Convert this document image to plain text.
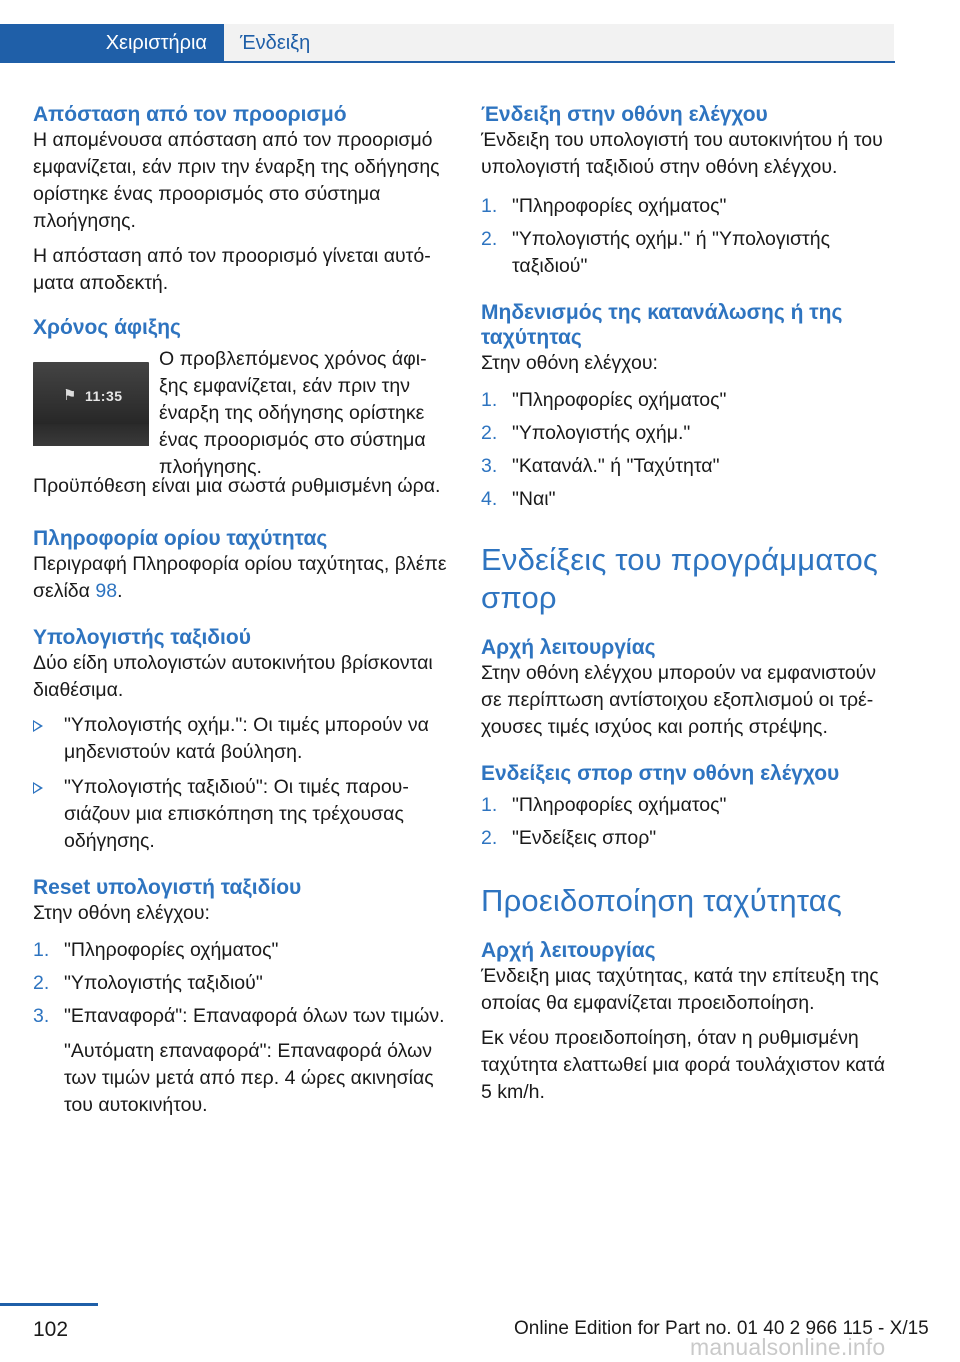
Χειριστήρια	Ένδειξη
Απόσταση από τον προορισμό

Η απομένουσα απόσταση από τον προορισμό εμφανίζεται, εάν πριν την έναρξη της οδήγησης ορίστηκε ένας προορισμός στο σύστημα πλοήγησης.

Η απόσταση από τον προορισμό γίνεται αυτόματα αποδεκτή.

Χρόνος άφιξης
⚑ 11:35

Ο προβλεπόμενος χρόνος άφιξης εμφανίζεται, εάν πριν την έναρξη της οδήγησης ορίστηκε ένας προορισμός στο σύστημα πλοήγησης.

Προϋπόθεση είναι μια σωστά ρυθμισμένη ώρα.

Πληροφορία ορίου ταχύτητας

Περιγραφή Πληροφορία ορίου ταχύτητας, βλέπε σελίδα 98.

Υπολογιστής ταξιδιού

Δύο είδη υπολογιστών αυτοκινήτου βρίσκονται διαθέσιμα.

"Υπολογιστής οχήμ.": Οι τιμές μπορούν να μηδενιστούν κατά βούληση.
"Υπολογιστής ταξιδιού": Οι τιμές παρουσιάζουν μια επισκόπηση της τρέχουσας οδήγησης.
Reset υπολογιστή ταξιδίου

Στην οθόνη ελέγχου:

1. "Πληροφορίες οχήματος"
2. "Υπολογιστής ταξιδιού"
3. "Επαναφορά": Επαναφορά όλων των τιμών.
"Αυτόματη επαναφορά": Επαναφορά όλων των τιμών μετά από περ. 4 ώρες ακινησίας του αυτοκινήτου.
Ένδειξη στην οθόνη ελέγχου

Ένδειξη του υπολογιστή του αυτοκινήτου ή του υπολογιστή ταξιδιού στην οθόνη ελέγχου.

1. "Πληροφορίες οχήματος"
2. "Υπολογιστής οχήμ." ή "Υπολογιστής ταξιδιού"
Μηδενισμός της κατανάλωσης ή της ταχύτητας

Στην οθόνη ελέγχου:

1. "Πληροφορίες οχήματος"
2. "Υπολογιστής οχήμ."
3. "Κατανάλ." ή "Ταχύτητα"
4. "Ναι"
Ενδείξεις του προγράμματος σπορ
Αρχή λειτουργίας

Στην οθόνη ελέγχου μπορούν να εμφανιστούν σε περίπτωση αντίστοιχου εξοπλισμού οι τρέχουσες τιμές ισχύος και ροπής στρέψης.

Ενδείξεις σπορ στην οθόνη ελέγχου
1. "Πληροφορίες οχήματος"
2. "Ενδείξεις σπορ"
Προειδοποίηση ταχύτητας
Αρχή λειτουργίας

Ένδειξη μιας ταχύτητας, κατά την επίτευξη της οποίας θα εμφανίζεται προειδοποίηση.

Εκ νέου προειδοποίηση, όταν η ρυθμισμένη ταχύτητα ελαττωθεί μια φορά τουλάχιστον κατά 5 km/h.

102	Online Edition for Part no. 01 40 2 966 115 - X/15
manualsonline.info
